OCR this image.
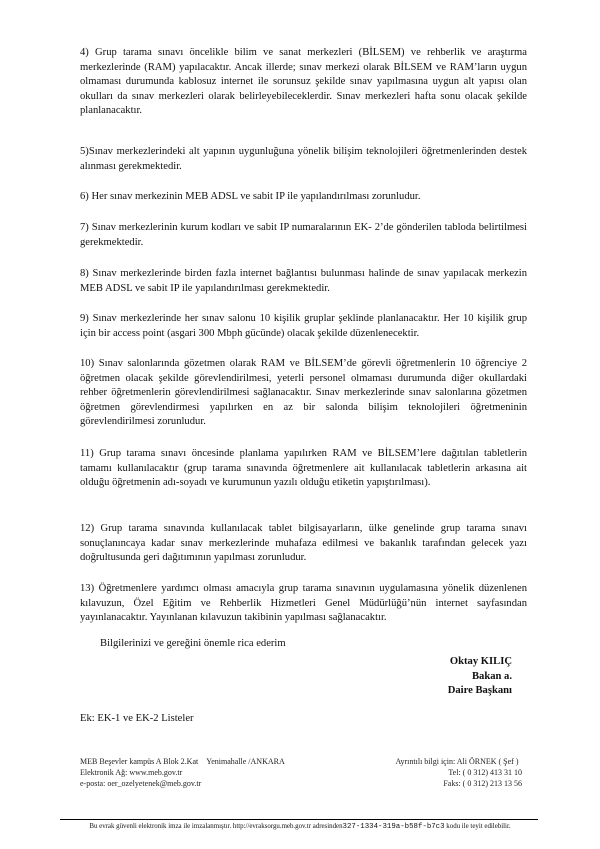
4) Grup tarama sınavı öncelikle bilim ve sanat merkezleri (BİLSEM) ve rehberlik ve araştırma merkezlerinde (RAM) yapılacaktır. Ancak illerde; sınav merkezi olarak BİLSEM ve RAM’ların uygun olmaması durumunda kablosuz internet ile sorunsuz şekilde sınav yapılmasına uygun alt yapısı olan okulları da sınav merkezleri olarak belirleyebileceklerdir. Sınav merkezleri hafta sonu olacak şekilde planlanacaktır.

5)Sınav merkezlerindeki alt yapının uygunluğuna yönelik bilişim teknolojileri öğretmenlerinden destek alınması gerekmektedir.

6) Her sınav merkezinin MEB ADSL ve sabit IP ile yapılandırılması zorunludur.

7) Sınav merkezlerinin kurum kodları ve sabit IP numaralarının EK- 2’de gönderilen tabloda belirtilmesi gerekmektedir.

8) Sınav merkezlerinde birden fazla internet bağlantısı bulunması halinde de sınav yapılacak merkezin MEB ADSL ve sabit IP ile yapılandırılması gerekmektedir.

9) Sınav merkezlerinde her sınav salonu 10 kişilik gruplar şeklinde planlanacaktır. Her 10 kişilik grup için bir access point (asgari 300 Mbph gücünde) olacak şekilde düzenlenecektir.

10) Sınav salonlarında gözetmen olarak RAM ve BİLSEM’de görevli öğretmenlerin 10 öğrenciye 2 öğretmen olacak şekilde görevlendirilmesi, yeterli personel olmaması durumunda diğer okullardaki rehber öğretmenlerin görevlendirilmesi sağlanacaktır. Sınav merkezlerinde sınav salonlarına gözetmen öğretmen görevlendirmesi yapılırken en az bir salonda bilişim teknolojileri öğretmeninin görevlendirilmesi zorunludur.

11) Grup tarama sınavı öncesinde planlama yapılırken RAM ve BİLSEM’lere dağıtılan tabletlerin tamamı kullanılacaktır (grup tarama sınavında öğretmenlere ait kullanılacak tabletlerin arkasına ait olduğu öğretmenin adı-soyadı ve kurumunun yazılı olduğu etiketin yapıştırılması).

12) Grup tarama sınavında kullanılacak tablet bilgisayarların, ülke genelinde grup tarama sınavı sonuçlanıncaya kadar sınav merkezlerinde muhafaza edilmesi ve bakanlık tarafından gelecek yazı doğrultusunda geri dağıtımının yapılması zorunludur.

13) Öğretmenlere yardımcı olması amacıyla grup tarama sınavının uygulamasına yönelik düzenlenen kılavuzun, Özel Eğitim ve Rehberlik Hizmetleri Genel Müdürlüğü’nün internet sayfasından yayınlanacaktır. Yayınlanan kılavuzun takibinin yapılması sağlanacaktır.

Bilgilerinizi ve gereğini önemle rica ederim

Oktay KILIÇ
Bakan a.
Daire Başkanı

Ek: EK-1 ve EK-2 Listeler

MEB Beşevler kampüs A Blok 2.Kat Yenimahalle /ANKARA
Elektronik Ağ: www.meb.gov.tr
e-posta: oer_ozelyetenek@meb.gov.tr
Ayrıntılı bilgi için: Ali ÖRNEK ( Şef )
Tel:
( 0 312) 413 31 10
Faks:
( 0 312) 213 13 56
Bu evrak güvenli elektronik imza ile imzalanmıştır. http://evraksorgu.meb.gov.tr adresinden327-1334-319a-b58f-b7c3 kodu ile teyit edilebilir.
